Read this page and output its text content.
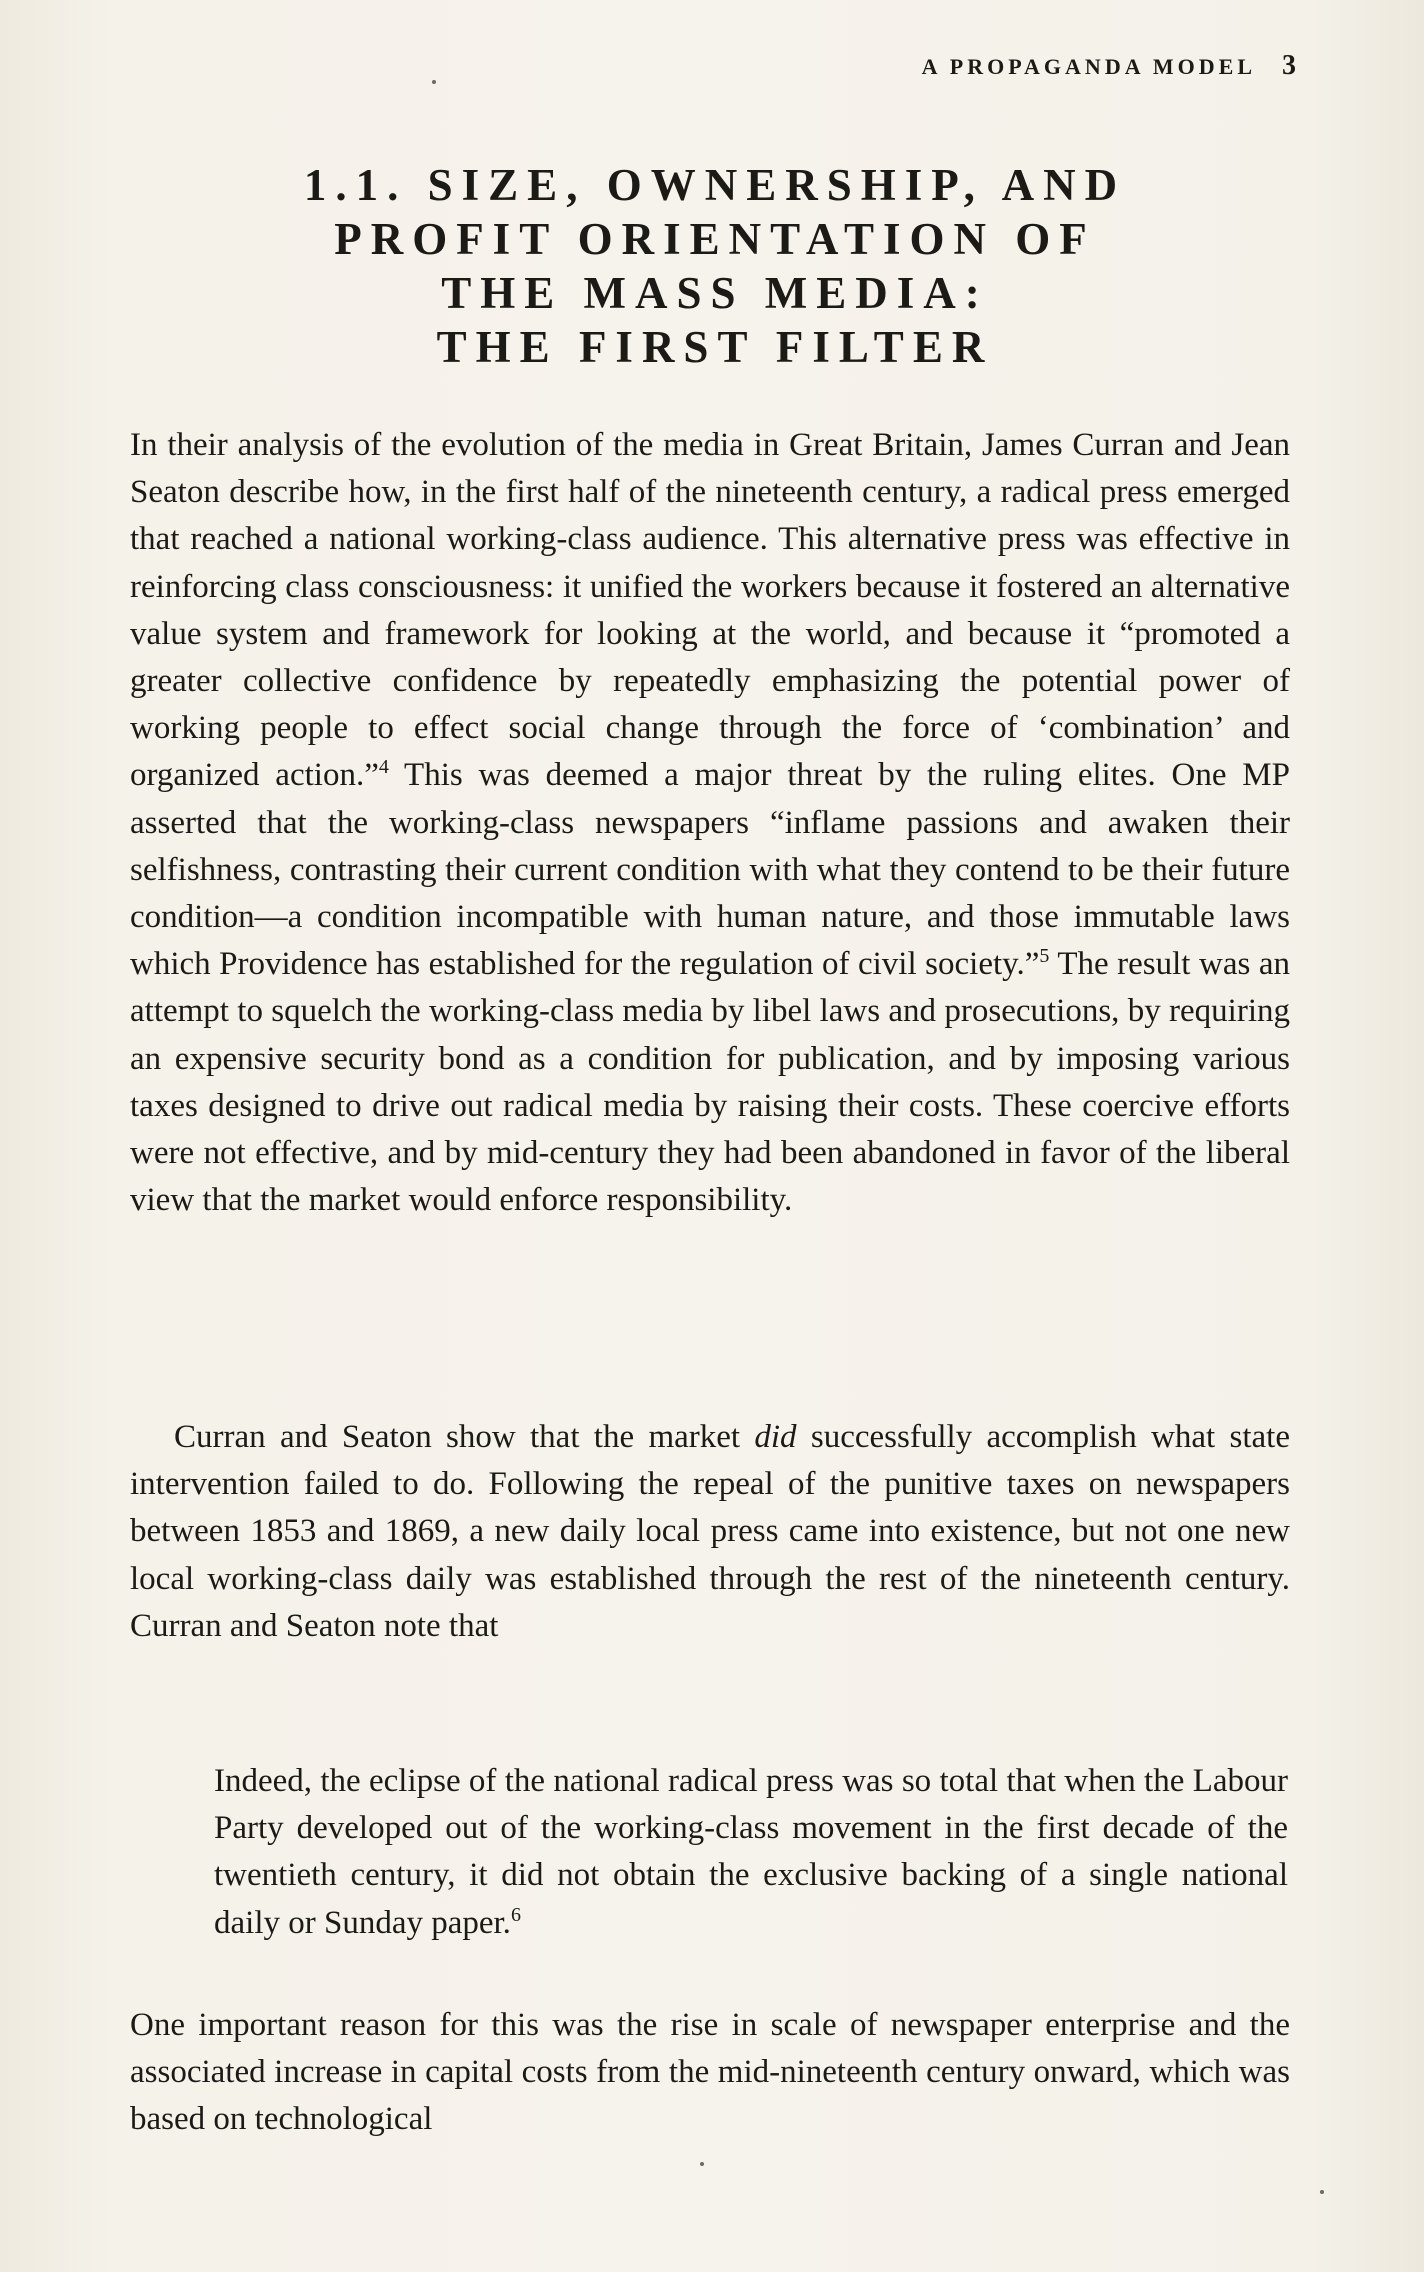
A PROPAGANDA MODEL 3
1.1. SIZE, OWNERSHIP, AND
PROFIT ORIENTATION OF
THE MASS MEDIA:
THE FIRST FILTER

In their analysis of the evolution of the media in Great Britain, James Curran and Jean Seaton describe how, in the first half of the nineteenth century, a radical press emerged that reached a national working-class audience. This alternative press was effective in reinforcing class consciousness: it unified the workers because it fostered an alternative value system and framework for looking at the world, and because it “promoted a greater collective confidence by repeatedly emphasizing the potential power of working people to effect social change through the force of ‘combination’ and organized action.”$^4$ This was deemed a major threat by the ruling elites. One MP asserted that the working-class newspapers “inflame passions and awaken their selfishness, contrasting their current condition with what they contend to be their future condition—a condition incompatible with human nature, and those immutable laws which Providence has established for the regulation of civil society.”$^5$ The result was an attempt to squelch the working-class media by libel laws and prosecutions, by requiring an expensive security bond as a condition for publication, and by imposing various taxes designed to drive out radical media by raising their costs. These coercive efforts were not effective, and by mid-century they had been abandoned in favor of the liberal view that the market would enforce responsibility.

Curran and Seaton show that the market did successfully accomplish what state intervention failed to do. Following the repeal of the punitive taxes on newspapers between 1853 and 1869, a new daily local press came into existence, but not one new local working-class daily was established through the rest of the nineteenth century. Curran and Seaton note that

Indeed, the eclipse of the national radical press was so total that when the Labour Party developed out of the working-class movement in the first decade of the twentieth century, it did not obtain the exclusive backing of a single national daily or Sunday paper.$^6$

One important reason for this was the rise in scale of newspaper enterprise and the associated increase in capital costs from the mid-nineteenth century onward, which was based on technological
